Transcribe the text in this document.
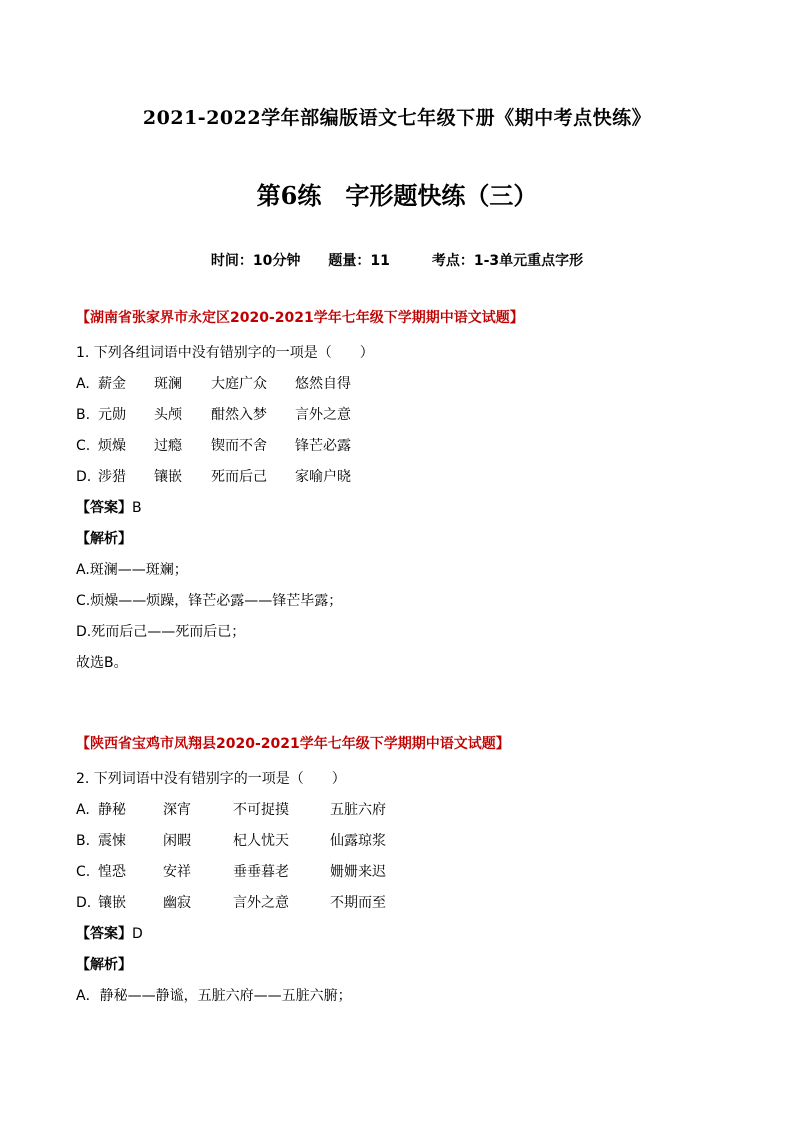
2021-2022学年部编版语文七年级下册《期中考点快练》
第6练　字形题快练（三）
时间：10分钟　　题量：11　　　考点：1-3单元重点字形
【湖南省张家界市永定区2020-2021学年七年级下学期期中语文试题】
1. 下列各组词语中没有错别字的一项是（　　）
A. 薪金	斑澜	大庭广众	悠然自得
B. 元勋	头颅	酣然入梦	言外之意
C. 烦燥	过瘾	锲而不舍	锋芒必露
D. 涉猎	镶嵌	死而后己	家喻户晓
【答案】B
【解析】
A.斑澜——斑斓；
C.烦燥——烦躁，锋芒必露——锋芒毕露；
D.死而后己——死而后已；
故选B。
【陕西省宝鸡市凤翔县2020-2021学年七年级下学期期中语文试题】
2. 下列词语中没有错别字的一项是（　　）
A. 静秘	深宵	不可捉摸	五脏六府
B. 震悚	闲暇	杞人忧天	仙露琼浆
C. 惶恐	安祥	垂垂暮老	姗姗来迟
D. 镶嵌	幽寂	言外之意	不期而至
【答案】D
【解析】
A．静秘——静谧，五脏六府——五脏六腑；
